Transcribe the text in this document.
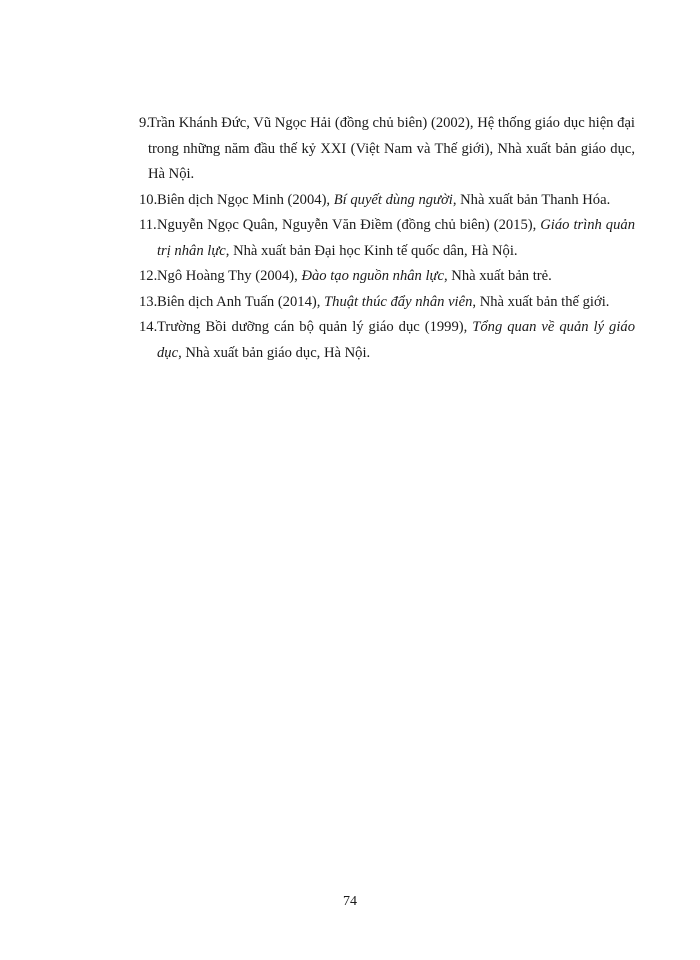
9.
Trần Khánh Đức, Vũ Ngọc Hải (đồng chủ biên) (2002), Hệ thống giáo dục hiện đại trong những năm đầu thế kỷ XXI (Việt Nam và Thế giới), Nhà xuất bản giáo dục, Hà Nội.
10. Biên dịch Ngọc Minh (2004), Bí quyết dùng người, Nhà xuất bản Thanh Hóa.
11. Nguyễn Ngọc Quân, Nguyễn Văn Điềm (đồng chủ biên) (2015), Giáo trình quản trị nhân lực, Nhà xuất bản Đại học Kinh tế quốc dân, Hà Nội.
12. Ngô Hoàng Thy (2004), Đào tạo nguồn nhân lực, Nhà xuất bản trẻ.
13. Biên dịch Anh Tuấn (2014), Thuật thúc đẩy nhân viên, Nhà xuất bản thế giới.
14. Trường Bồi dưỡng cán bộ quản lý giáo dục (1999), Tổng quan về quản lý giáo dục, Nhà xuất bản giáo dục, Hà Nội.
74
